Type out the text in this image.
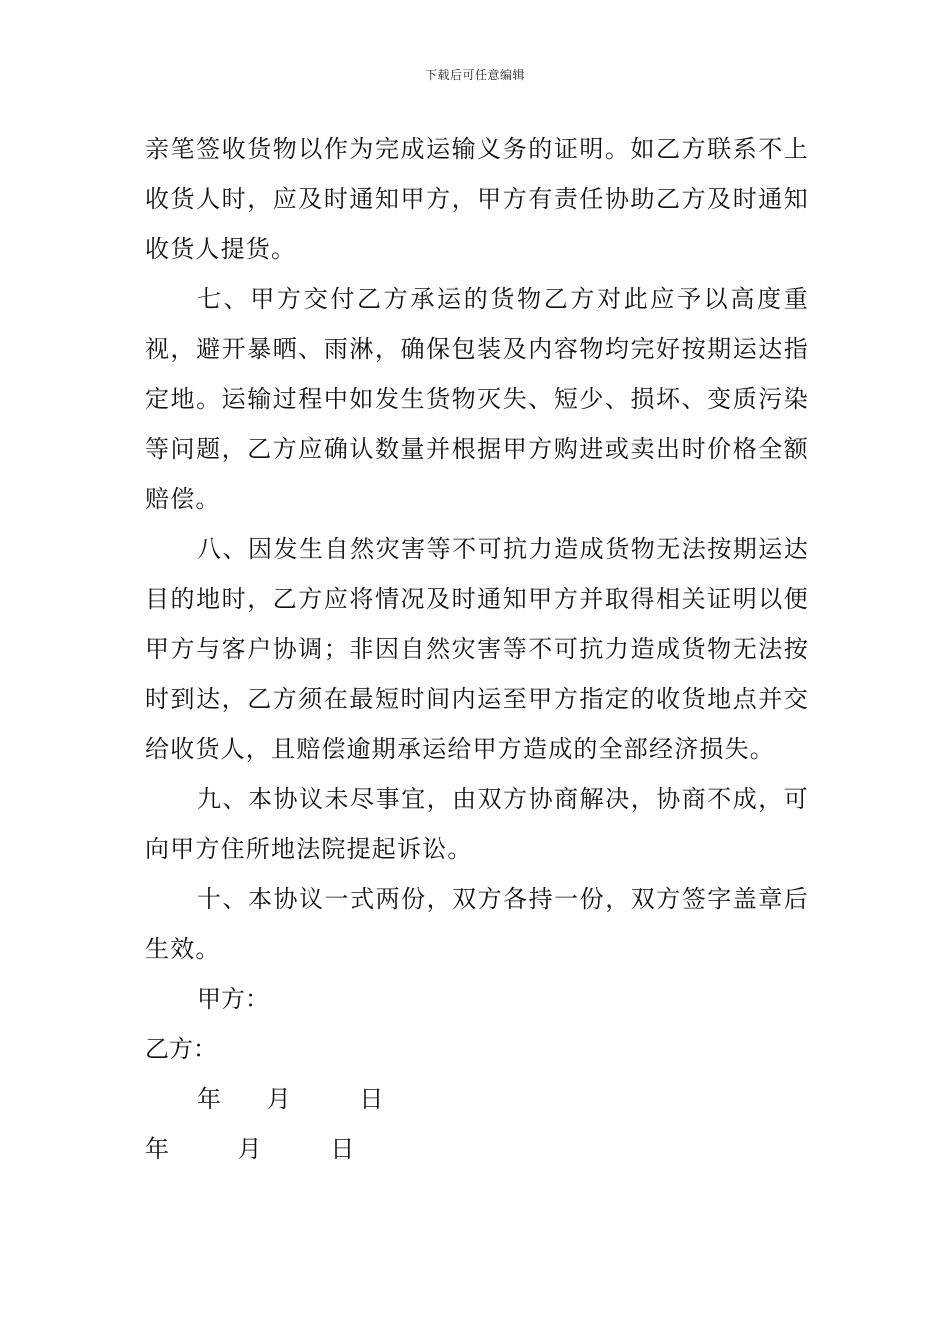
下载后可任意编辑

亲笔签收货物以作为完成运输义务的证明。如乙方联系不上收货人时，应及时通知甲方，甲方有责任协助乙方及时通知收货人提货。

七、甲方交付乙方承运的货物乙方对此应予以高度重视，避开暴晒、雨淋，确保包装及内容物均完好按期运达指定地。运输过程中如发生货物灭失、短少、损坏、变质污染等问题，乙方应确认数量并根据甲方购进或卖出时价格全额赔偿。

八、因发生自然灾害等不可抗力造成货物无法按期运达目的地时，乙方应将情况及时通知甲方并取得相关证明以便甲方与客户协调；非因自然灾害等不可抗力造成货物无法按时到达，乙方须在最短时间内运至甲方指定的收货地点并交给收货人，且赔偿逾期承运给甲方造成的全部经济损失。

九、本协议未尽事宜，由双方协商解决，协商不成，可向甲方住所地法院提起诉讼。

十、本协议一式两份，双方各持一份，双方签字盖章后生效。

甲方：

乙方：

年      月         日

年         月         日
